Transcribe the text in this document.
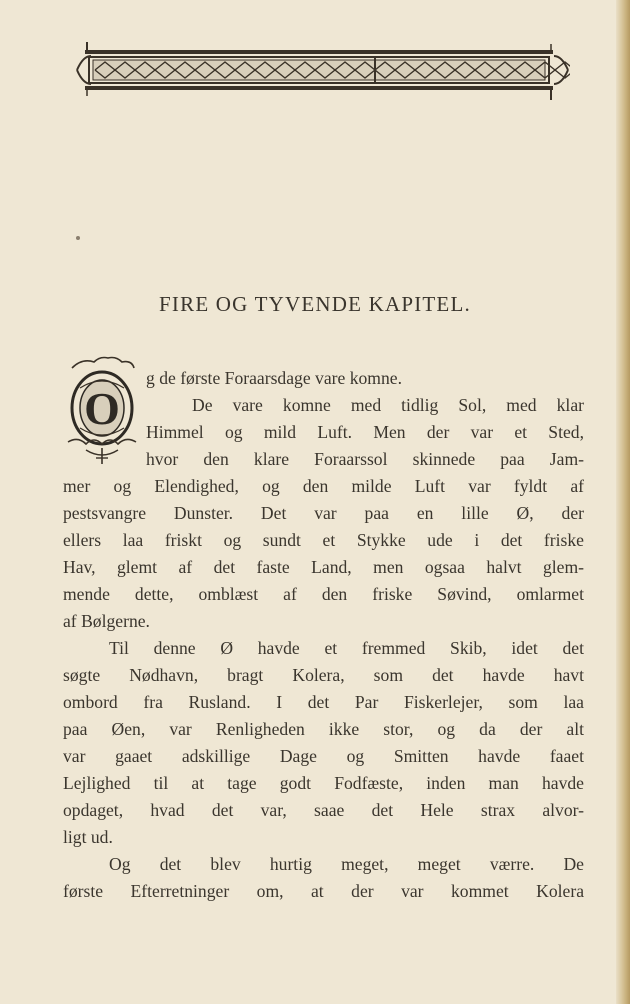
FIRE OG TYVENDE KAPITEL.
O
g de første Foraarsdage vare komne.
De vare komne med tidlig Sol, med klar
Himmel og mild Luft. Men der var et Sted,
hvor den klare Foraarssol skinnede paa Jam-
mer og Elendighed, og den milde Luft var fyldt af
pestsvangre Dunster. Det var paa en lille Ø, der
ellers laa friskt og sundt et Stykke ude i det friske
Hav, glemt af det faste Land, men ogsaa halvt glem-
mende dette, omblæst af den friske Søvind, omlarmet
af Bølgerne.
Til denne Ø havde et fremmed Skib, idet det
søgte Nødhavn, bragt Kolera, som det havde havt
ombord fra Rusland. I det Par Fiskerlejer, som laa
paa Øen, var Renligheden ikke stor, og da der alt
var gaaet adskillige Dage og Smitten havde faaet
Lejlighed til at tage godt Fodfæste, inden man havde
opdaget, hvad det var, saae det Hele strax alvor-
ligt ud.
Og det blev hurtig meget, meget værre. De
første Efterretninger om, at der var kommet Kolera
